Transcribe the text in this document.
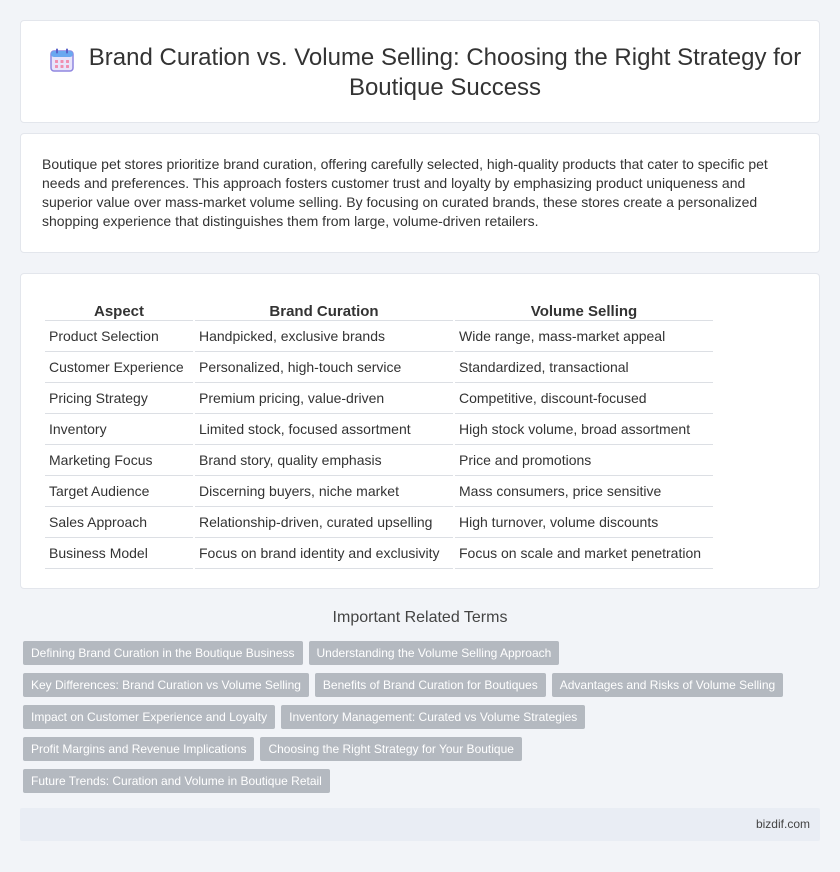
Brand Curation vs. Volume Selling: Choosing the Right Strategy for Boutique Success

Boutique pet stores prioritize brand curation, offering carefully selected, high-quality products that cater to specific pet needs and preferences. This approach fosters customer trust and loyalty by emphasizing product uniqueness and superior value over mass-market volume selling. By focusing on curated brands, these stores create a personalized shopping experience that distinguishes them from large, volume-driven retailers.

Aspect	Brand Curation	Volume Selling
Product Selection	Handpicked, exclusive brands	Wide range, mass-market appeal
Customer Experience	Personalized, high-touch service	Standardized, transactional
Pricing Strategy	Premium pricing, value-driven	Competitive, discount-focused
Inventory	Limited stock, focused assortment	High stock volume, broad assortment
Marketing Focus	Brand story, quality emphasis	Price and promotions
Target Audience	Discerning buyers, niche market	Mass consumers, price sensitive
Sales Approach	Relationship-driven, curated upselling	High turnover, volume discounts
Business Model	Focus on brand identity and exclusivity	Focus on scale and market penetration
Important Related Terms
Defining Brand Curation in the Boutique Business Understanding the Volume Selling Approach
Key Differences: Brand Curation vs Volume Selling Benefits of Brand Curation for Boutiques Advantages and Risks of Volume Selling
Impact on Customer Experience and Loyalty Inventory Management: Curated vs Volume Strategies
Profit Margins and Revenue Implications Choosing the Right Strategy for Your Boutique
Future Trends: Curation and Volume in Boutique Retail
bizdif.com
